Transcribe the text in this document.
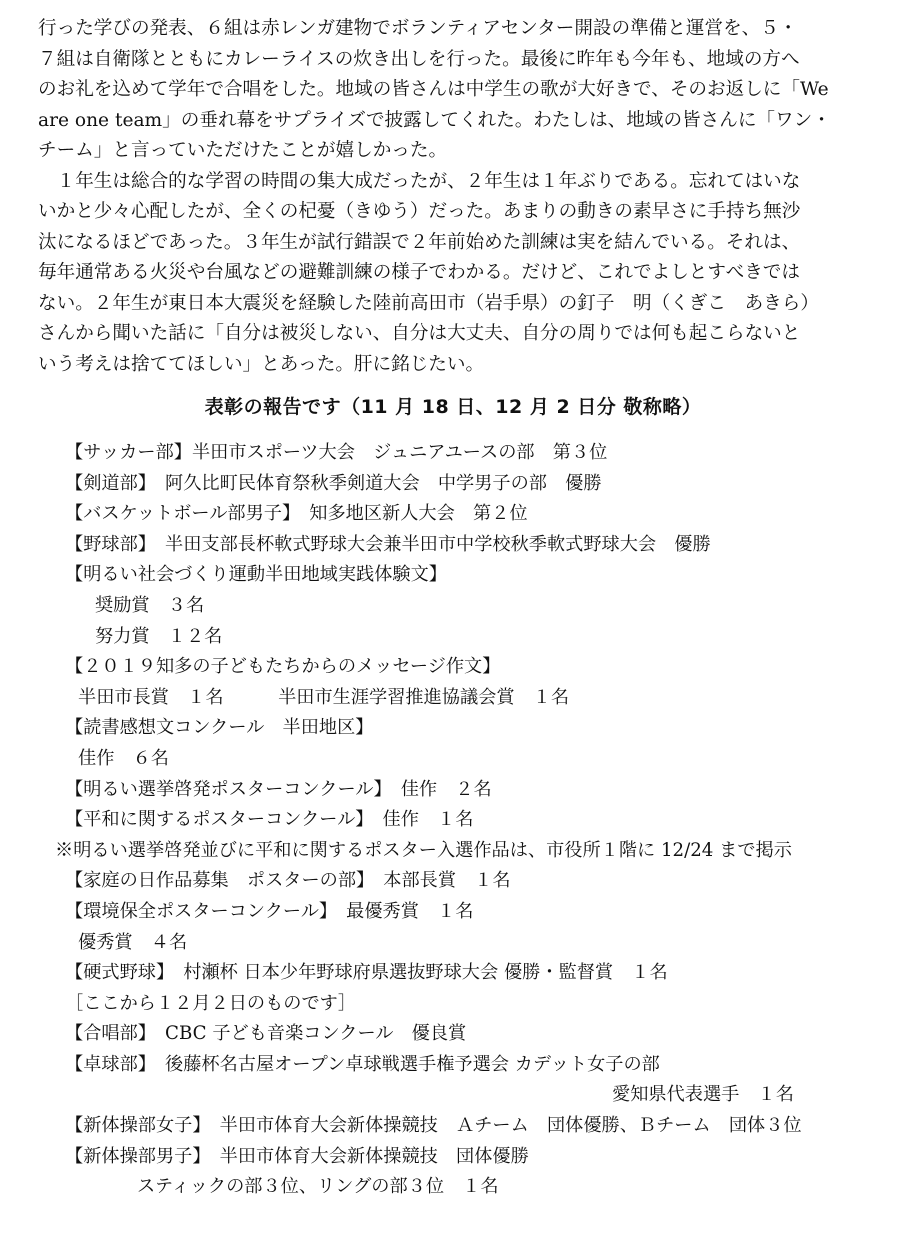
行った学びの発表、６組は赤レンガ建物でボランティアセンター開設の準備と運営を、５・
７組は自衛隊とともにカレーライスの炊き出しを行った。最後に昨年も今年も、地域の方へ
のお礼を込めて学年で合唱をした。地域の皆さんは中学生の歌が大好きで、そのお返しに「We
are one team」の垂れ幕をサプライズで披露してくれた。わたしは、地域の皆さんに「ワン・
チーム」と言っていただけたことが嬉しかった。

　１年生は総合的な学習の時間の集大成だったが、２年生は１年ぶりである。忘れてはいな
いかと少々心配したが、全くの杞憂（きゆう）だった。あまりの動きの素早さに手持ち無沙
汰になるほどであった。３年生が試行錯誤で２年前始めた訓練は実を結んでいる。それは、
毎年通常ある火災や台風などの避難訓練の様子でわかる。だけど、これでよしとすべきでは
ない。２年生が東日本大震災を経験した陸前高田市（岩手県）の釘子　明（くぎこ　あきら）
さんから聞いた話に「自分は被災しない、自分は大丈夫、自分の周りでは何も起こらないと
いう考えは捨ててほしい」とあった。肝に銘じたい。

表彰の報告です（11 月 18 日、12 月 2 日分 敬称略）
【サッカー部】半田市スポーツ大会　ジュニアユースの部　第３位
【剣道部】　阿久比町民体育祭秋季剣道大会　中学男子の部　優勝
【バスケットボール部男子】　知多地区新人大会　第２位
【野球部】　半田支部長杯軟式野球大会兼半田市中学校秋季軟式野球大会　優勝
【明るい社会づくり運動半田地域実践体験文】
奨励賞　３名
努力賞　１２名
【２０１９知多の子どもたちからのメッセージ作文】
半田市長賞　１名　　　半田市生涯学習推進協議会賞　１名
【読書感想文コンクール　半田地区】
佳作　６名
【明るい選挙啓発ポスターコンクール】　佳作　２名
【平和に関するポスターコンクール】　佳作　１名
※明るい選挙啓発並びに平和に関するポスター入選作品は、市役所１階に 12/24 まで掲示
【家庭の日作品募集　ポスターの部】　本部長賞　１名
【環境保全ポスターコンクール】　最優秀賞　１名
優秀賞　４名
【硬式野球】　村瀬杯 日本少年野球府県選抜野球大会 優勝・監督賞　１名
［ここから１２月２日のものです］
【合唱部】　CBC 子ども音楽コンクール　優良賞
【卓球部】　後藤杯名古屋オープン卓球戦選手権予選会 カデット女子の部
愛知県代表選手　１名
【新体操部女子】　半田市体育大会新体操競技　Ａチーム　団体優勝、Ｂチーム　団体３位
【新体操部男子】　半田市体育大会新体操競技　団体優勝
スティックの部３位、リングの部３位　１名
